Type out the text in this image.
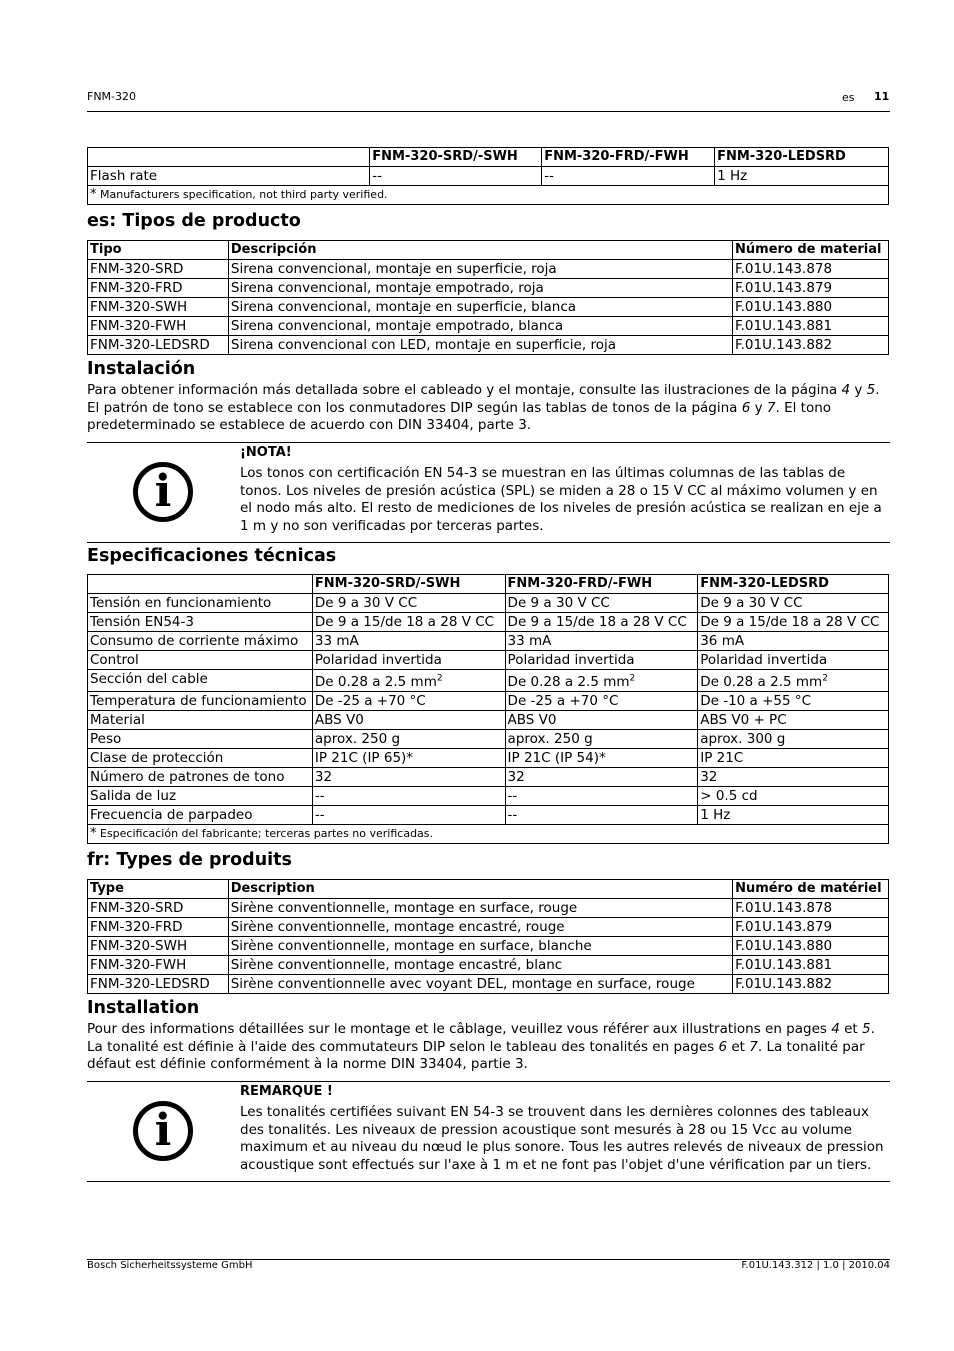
FNM-320	es 11
	FNM-320-SRD/-SWH	FNM-320-FRD/-FWH	FNM-320-LEDSRD
Flash rate	--	--	1 Hz
* Manufacturers specification, not third party verified.			
es: Tipos de producto
Tipo	Descripción	Número de material
FNM-320-SRD	Sirena convencional, montaje en superficie, roja	F.01U.143.878
FNM-320-FRD	Sirena convencional, montaje empotrado, roja	F.01U.143.879
FNM-320-SWH	Sirena convencional, montaje en superficie, blanca	F.01U.143.880
FNM-320-FWH	Sirena convencional, montaje empotrado, blanca	F.01U.143.881
FNM-320-LEDSRD	Sirena convencional con LED, montaje en superficie, roja	F.01U.143.882
Instalación

Para obtener información más detallada sobre el cableado y el montaje, consulte las ilustraciones de la página 4 y 5.
El patrón de tono se establece con los conmutadores DIP según las tablas de tonos de la página 6 y 7. El tono
predeterminado se establece de acuerdo con DIN 33404, parte 3.

i
¡NOTA!

Los tonos con certificación EN 54-3 se muestran en las últimas columnas de las tablas de
tonos. Los niveles de presión acústica (SPL) se miden a 28 o 15 V CC al máximo volumen y en
el nodo más alto. El resto de mediciones de los niveles de presión acústica se realizan en eje a
1 m y no son verificadas por terceras partes.

Especificaciones técnicas
	FNM-320-SRD/-SWH	FNM-320-FRD/-FWH	FNM-320-LEDSRD
Tensión en funcionamiento	De 9 a 30 V CC	De 9 a 30 V CC	De 9 a 30 V CC
Tensión EN54-3	De 9 a 15/de 18 a 28 V CC	De 9 a 15/de 18 a 28 V CC	De 9 a 15/de 18 a 28 V CC
Consumo de corriente máximo	33 mA	33 mA	36 mA
Control	Polaridad invertida	Polaridad invertida	Polaridad invertida
Sección del cable	De 0.28 a 2.5 $mm^2$	De 0.28 a 2.5 $mm^2$	De 0.28 a 2.5 $mm^2$
Temperatura de funcionamiento	De -25 a +70 °C	De -25 a +70 °C	De -10 a +55 °C
Material	ABS V0	ABS V0	ABS V0 + PC
Peso	aprox. 250 g	aprox. 250 g	aprox. 300 g
Clase de protección	IP 21C (IP 65)*	IP 21C (IP 54)*	IP 21C
Número de patrones de tono	32	32	32
Salida de luz	--	--	> 0.5 cd
Frecuencia de parpadeo	--	--	1 Hz
* Especificación del fabricante; terceras partes no verificadas.			
fr: Types de produits
Type	Description	Numéro de matériel
FNM-320-SRD	Sirène conventionnelle, montage en surface, rouge	F.01U.143.878
FNM-320-FRD	Sirène conventionnelle, montage encastré, rouge	F.01U.143.879
FNM-320-SWH	Sirène conventionnelle, montage en surface, blanche	F.01U.143.880
FNM-320-FWH	Sirène conventionnelle, montage encastré, blanc	F.01U.143.881
FNM-320-LEDSRD	Sirène conventionnelle avec voyant DEL, montage en surface, rouge	F.01U.143.882
Installation

Pour des informations détaillées sur le montage et le câblage, veuillez vous référer aux illustrations en pages 4 et 5.
La tonalité est définie à l'aide des commutateurs DIP selon le tableau des tonalités en pages 6 et 7. La tonalité par
défaut est définie conformément à la norme DIN 33404, partie 3.

i
REMARQUE !

Les tonalités certifiées suivant EN 54-3 se trouvent dans les dernières colonnes des tableaux
des tonalités. Les niveaux de pression acoustique sont mesurés à 28 ou 15 Vcc au volume
maximum et au niveau du nœud le plus sonore. Tous les autres relevés de niveaux de pression
acoustique sont effectués sur l'axe à 1 m et ne font pas l'objet d'une vérification par un tiers.

Bosch Sicherheitssysteme GmbH	F.01U.143.312 | 1.0 | 2010.04
